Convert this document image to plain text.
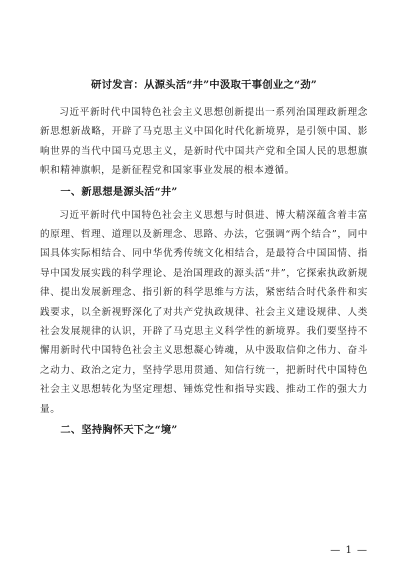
研讨发言：从源头活“井”中汲取干事创业之“劲”

习近平新时代中国特色社会主义思想创新提出一系列治国理政新理念新思想新战略，开辟了马克思主义中国化时代化新境界，是引领中国、影响世界的当代中国马克思主义，是新时代中国共产党和全国人民的思想旗帜和精神旗帜，是新征程党和国家事业发展的根本遵循。

一、新思想是源头活“井”

习近平新时代中国特色社会主义思想与时俱进、博大精深蕴含着丰富的原理、哲理、道理以及新理念、思路、办法，它强调“两个结合”，同中国具体实际相结合、同中华优秀传统文化相结合，是最符合中国国情、指导中国发展实践的科学理论、是治国理政的源头活“井”，它探索执政新规律、提出发展新理念、指引新的科学思维与方法，紧密结合时代条件和实践要求，以全新视野深化了对共产党执政规律、社会主义建设规律、人类社会发展规律的认识，开辟了马克思主义科学性的新境界。我们要坚持不懈用新时代中国特色社会主义思想凝心铸魂，从中汲取信仰之伟力、奋斗之动力、政治之定力，坚持学思用贯通、知信行统一，把新时代中国特色社会主义思想转化为坚定理想、锤炼党性和指导实践、推动工作的强大力量。

二、坚持胸怀天下之“境”
— 1 —
